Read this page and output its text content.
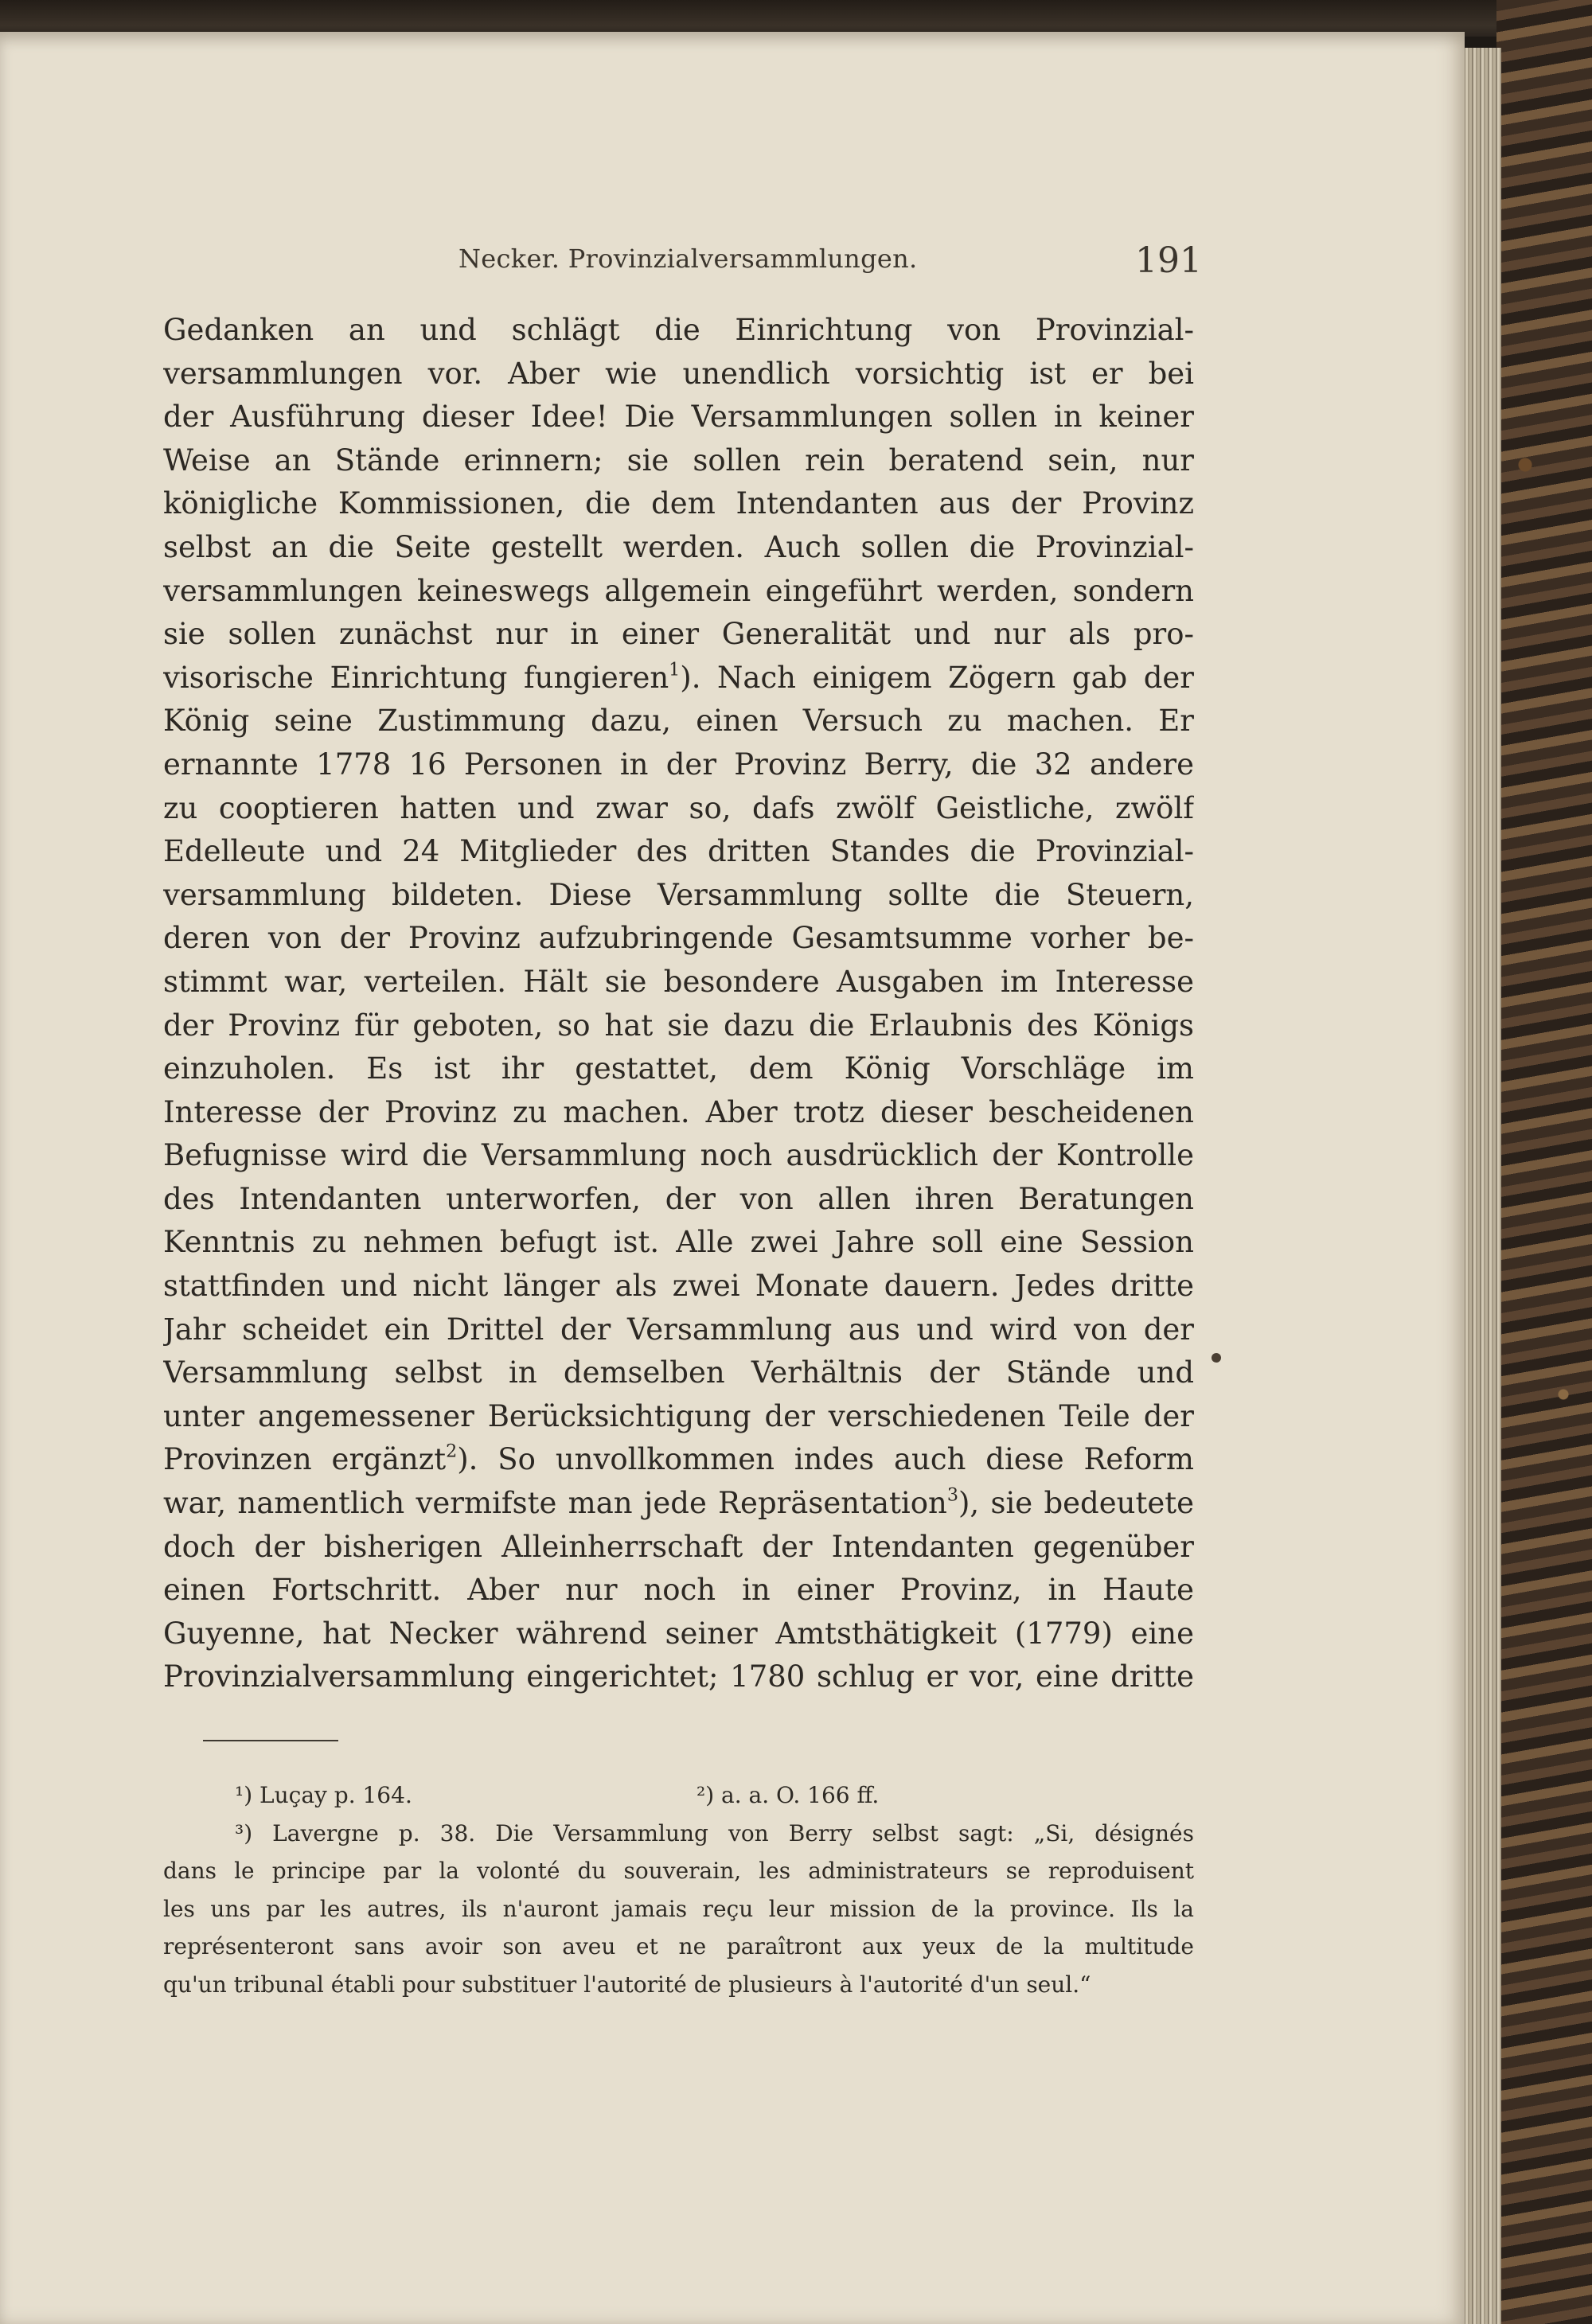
Necker. Provinzialversammlungen.	191
Gedanken an und schlägt die Einrichtung von Provinzial-
versammlungen vor. Aber wie unendlich vorsichtig ist er bei
der Ausführung dieser Idee! Die Versammlungen sollen in keiner
Weise an Stände erinnern; sie sollen rein beratend sein, nur
königliche Kommissionen, die dem Intendanten aus der Provinz
selbst an die Seite gestellt werden. Auch sollen die Provinzial-
versammlungen keineswegs allgemein eingeführt werden, sondern
sie sollen zunächst nur in einer Generalität und nur als pro-
visorische Einrichtung fungieren$^1$). Nach einigem Zögern gab der
König seine Zustimmung dazu, einen Versuch zu machen. Er
ernannte 1778 16 Personen in der Provinz Berry, die 32 andere
zu cooptieren hatten und zwar so, dafs zwölf Geistliche, zwölf
Edelleute und 24 Mitglieder des dritten Standes die Provinzial-
versammlung bildeten. Diese Versammlung sollte die Steuern,
deren von der Provinz aufzubringende Gesamtsumme vorher be-
stimmt war, verteilen. Hält sie besondere Ausgaben im Interesse
der Provinz für geboten, so hat sie dazu die Erlaubnis des Königs
einzuholen. Es ist ihr gestattet, dem König Vorschläge im
Interesse der Provinz zu machen. Aber trotz dieser bescheidenen
Befugnisse wird die Versammlung noch ausdrücklich der Kontrolle
des Intendanten unterworfen, der von allen ihren Beratungen
Kenntnis zu nehmen befugt ist. Alle zwei Jahre soll eine Session
stattfinden und nicht länger als zwei Monate dauern. Jedes dritte
Jahr scheidet ein Drittel der Versammlung aus und wird von der
Versammlung selbst in demselben Verhältnis der Stände und
unter angemessener Berücksichtigung der verschiedenen Teile der
Provinzen ergänzt$^2$). So unvollkommen indes auch diese Reform
war, namentlich vermifste man jede Repräsentation$^3$), sie bedeutete
doch der bisherigen Alleinherrschaft der Intendanten gegenüber
einen Fortschritt. Aber nur noch in einer Provinz, in Haute
Guyenne, hat Necker während seiner Amtsthätigkeit (1779) eine
Provinzialversammlung eingerichtet; 1780 schlug er vor, eine dritte
¹) Luçay p. 164.	²) a. a. O. 166 ff.
³) Lavergne p. 38. Die Versammlung von Berry selbst sagt: „Si, désignés
dans le principe par la volonté du souverain, les administrateurs se reproduisent
les uns par les autres, ils n'auront jamais reçu leur mission de la province. Ils la
représenteront sans avoir son aveu et ne paraîtront aux yeux de la multitude
qu'un tribunal établi pour substituer l'autorité de plusieurs à l'autorité d'un seul.“
